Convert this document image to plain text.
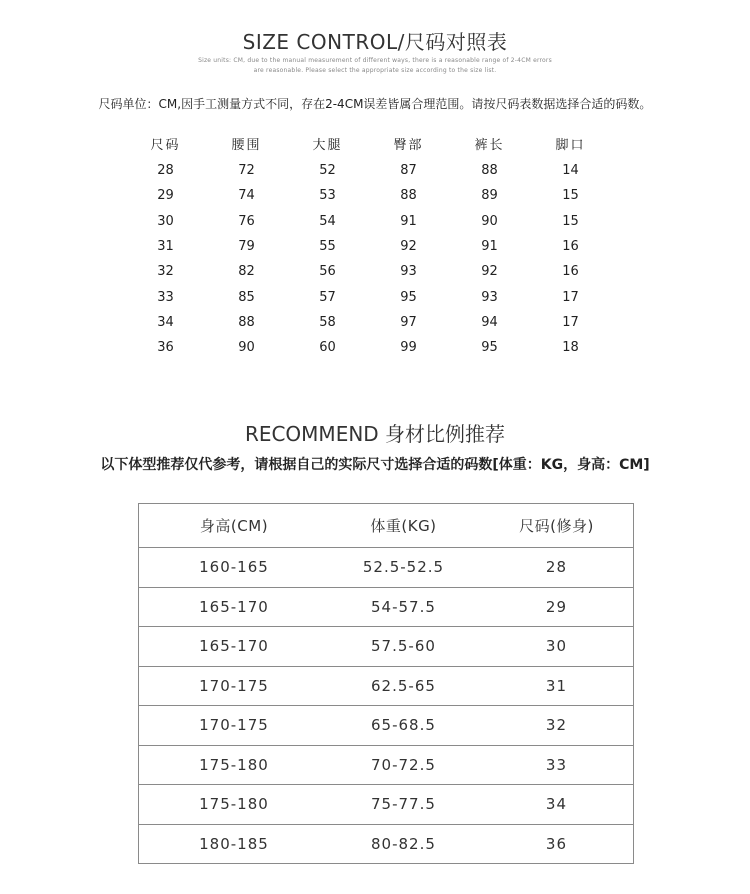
SIZE CONTROL/尺码对照表
Size units: CM, due to the manual measurement of different ways, there is a reasonable range of 2-4CM errors
are reasonable. Please select the appropriate size according to the size list.
尺码单位：CM,因手工测量方式不同，存在2-4CM误差皆属合理范围。请按尺码表数据选择合适的码数。
尺码	腰围	大腿	臀部	裤长	脚口
28	72	52	87	88	14
29	74	53	88	89	15
30	76	54	91	90	15
31	79	55	92	91	16
32	82	56	93	92	16
33	85	57	95	93	17
34	88	58	97	94	17
36	90	60	99	95	18
RECOMMEND 身材比例推荐
以下体型推荐仅代参考，请根据自己的实际尺寸选择合适的码数[体重：KG，身高：CM]
身高(CM)	体重(KG)	尺码(修身)
160-165	52.5-52.5	28
165-170	54-57.5	29
165-170	57.5-60	30
170-175	62.5-65	31
170-175	65-68.5	32
175-180	70-72.5	33
175-180	75-77.5	34
180-185	80-82.5	36
